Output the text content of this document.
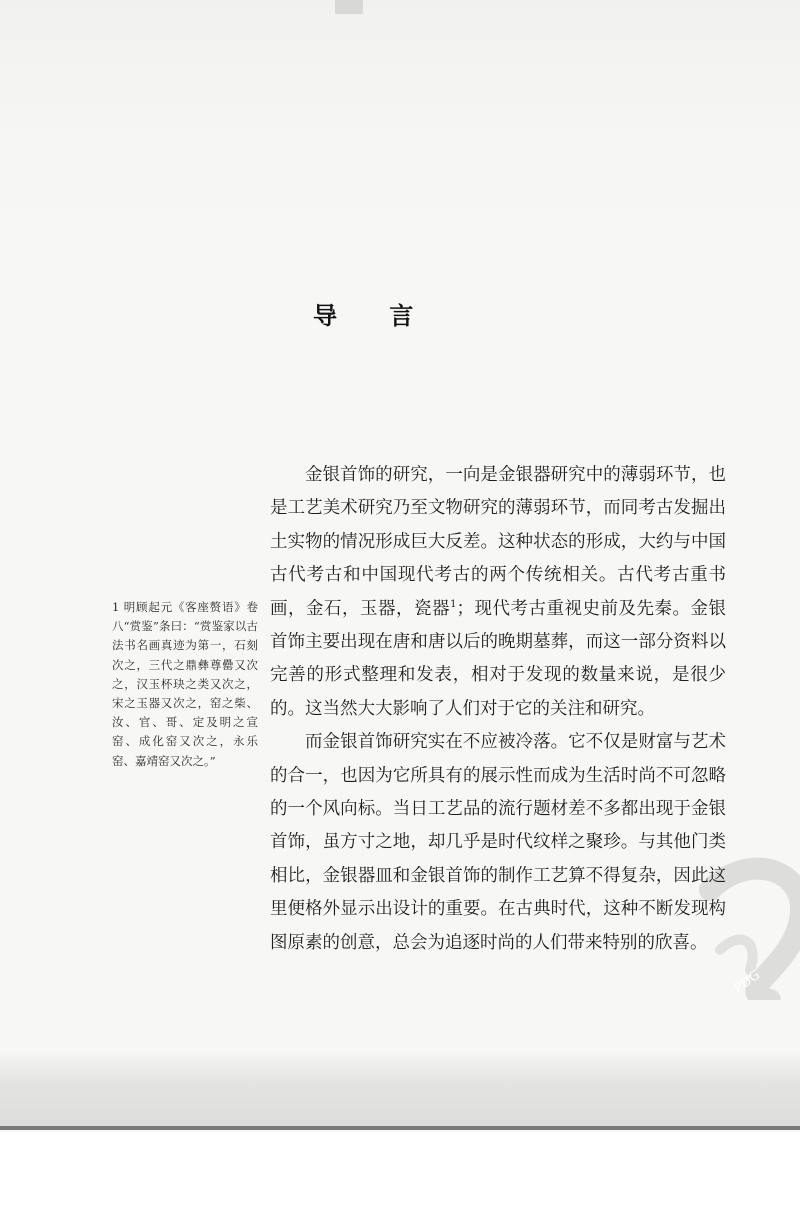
PDG
导 言

金银首饰的研究，一向是金银器研究中的薄弱环节，也是工艺美术研究乃至文物研究的薄弱环节，而同考古发掘出土实物的情况形成巨大反差。这种状态的形成，大约与中国古代考古和中国现代考古的两个传统相关。古代考古重书画，金石，玉器，瓷器$^1$；现代考古重视史前及先秦。金银首饰主要出现在唐和唐以后的晚期墓葬，而这一部分资料以完善的形式整理和发表，相对于发现的数量来说，是很少的。这当然大大影响了人们对于它的关注和研究。

而金银首饰研究实在不应被冷落。它不仅是财富与艺术的合一，也因为它所具有的展示性而成为生活时尚不可忽略的一个风向标。当日工艺品的流行题材差不多都出现于金银首饰，虽方寸之地，却几乎是时代纹样之聚珍。与其他门类相比，金银器皿和金银首饰的制作工艺算不得复杂，因此这里便格外显示出设计的重要。在古典时代，这种不断发现构图原素的创意，总会为追逐时尚的人们带来特别的欣喜。

1 明顾起元《客座赘语》卷八“赏鉴”条曰：“赏鉴家以古法书名画真迹为第一，石刻次之，三代之鼎彝尊罍又次之，汉玉杯玦之类又次之，宋之玉器又次之，窑之柴、汝、官、哥、定及明之宣窑、成化窑又次之，永乐窑、嘉靖窑又次之。”
